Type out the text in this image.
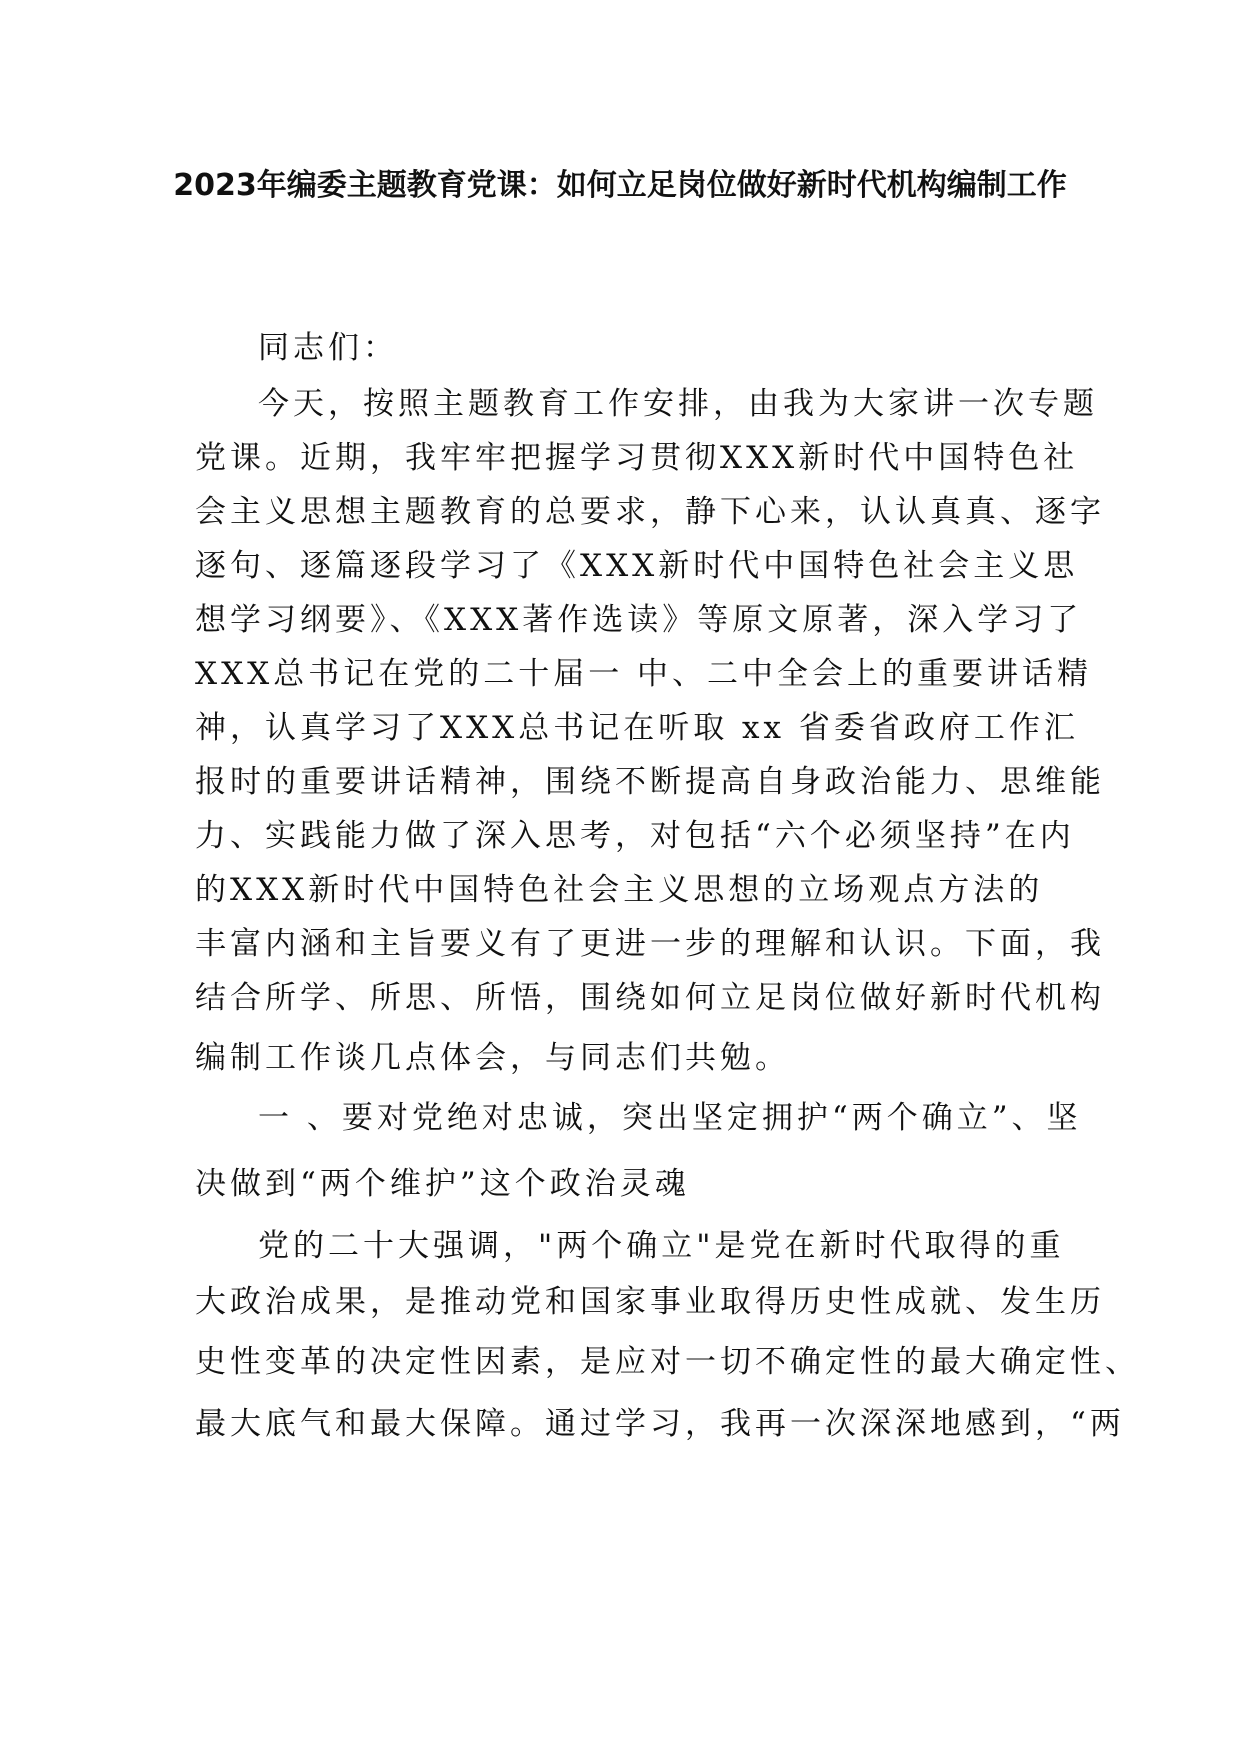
2023年编委主题教育党课：如何立足岗位做好新时代机构编制工作
同志们：
今天，按照主题教育工作安排，由我为大家讲一次专题
党课。近期，我牢牢把握学习贯彻XXX新时代中国特色社
会主义思想主题教育的总要求，静下心来，认认真真、逐字
逐句、逐篇逐段学习了《XXX新时代中国特色社会主义思
想学习纲要》、《XXX著作选读》等原文原著，深入学习了
XXX总书记在党的二十届一 中、二中全会上的重要讲话精
神，认真学习了XXX总书记在听取 xx 省委省政府工作汇
报时的重要讲话精神，围绕不断提高自身政治能力、思维能
力、实践能力做了深入思考，对包括“六个必须坚持”在内
的XXX新时代中国特色社会主义思想的立场观点方法的
丰富内涵和主旨要义有了更进一步的理解和认识。下面，我
结合所学、所思、所悟，围绕如何立足岗位做好新时代机构
编制工作谈几点体会，与同志们共勉。
一 、要对党绝对忠诚，突出坚定拥护“两个确立”、坚
决做到“两个维护”这个政治灵魂
党的二十大强调，"两个确立"是党在新时代取得的重
大政治成果，是推动党和国家事业取得历史性成就、发生历
史性变革的决定性因素，是应对一切不确定性的最大确定性、
最大底气和最大保障。通过学习，我再一次深深地感到，“两
